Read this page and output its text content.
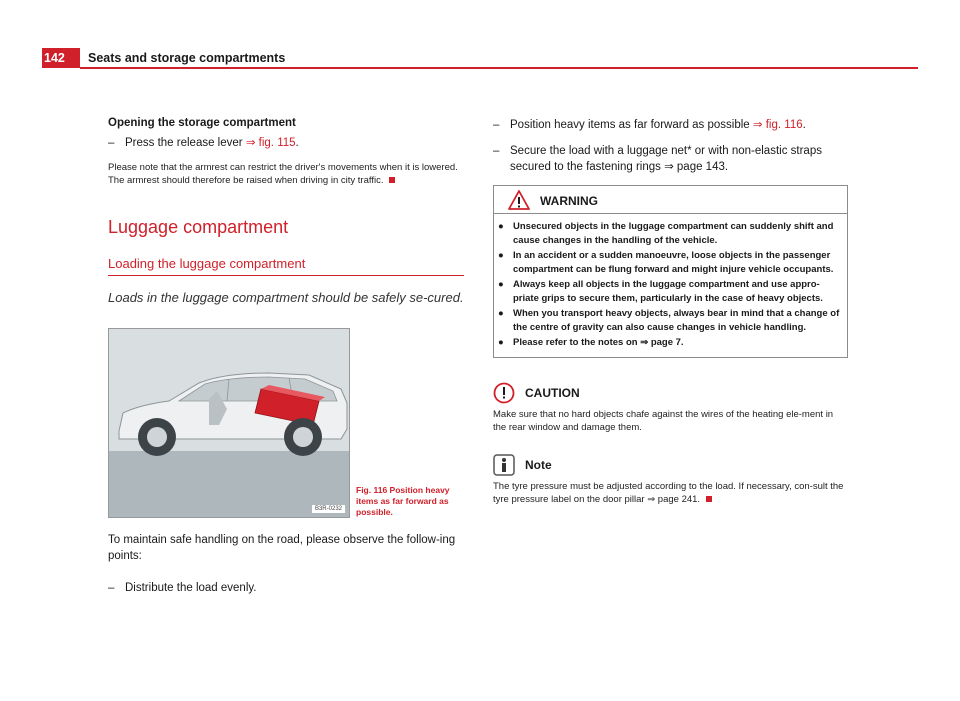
142	Seats and storage compartments
Opening the storage compartment
– Press the release lever ⇒ fig. 115.
Please note that the armrest can restrict the driver's movements when it is lowered. The armrest should therefore be raised when driving in city traffic.
Luggage compartment
Loading the luggage compartment
Loads in the luggage compartment should be safely se-cured.
B3R-0232
Fig. 116 Position heavy items as far forward as possible.
To maintain safe handling on the road, please observe the follow-ing points:
– Distribute the load evenly.
– Position heavy items as far forward as possible ⇒ fig. 116.
– Secure the load with a luggage net* or with non-elastic straps secured to the fastening rings ⇒ page 143.
WARNING
● Unsecured objects in the luggage compartment can suddenly shift and cause changes in the handling of the vehicle.
● In an accident or a sudden manoeuvre, loose objects in the passenger compartment can be flung forward and might injure vehicle occupants.
● Always keep all objects in the luggage compartment and use appro-priate grips to secure them, particularly in the case of heavy objects.
● When you transport heavy objects, always bear in mind that a change of the centre of gravity can also cause changes in vehicle handling.
● Please refer to the notes on ⇒ page 7.
CAUTION
Make sure that no hard objects chafe against the wires of the heating ele-ment in the rear window and damage them.
Note
The tyre pressure must be adjusted according to the load. If necessary, con-sult the tyre pressure label on the door pillar ⇒ page 241.
